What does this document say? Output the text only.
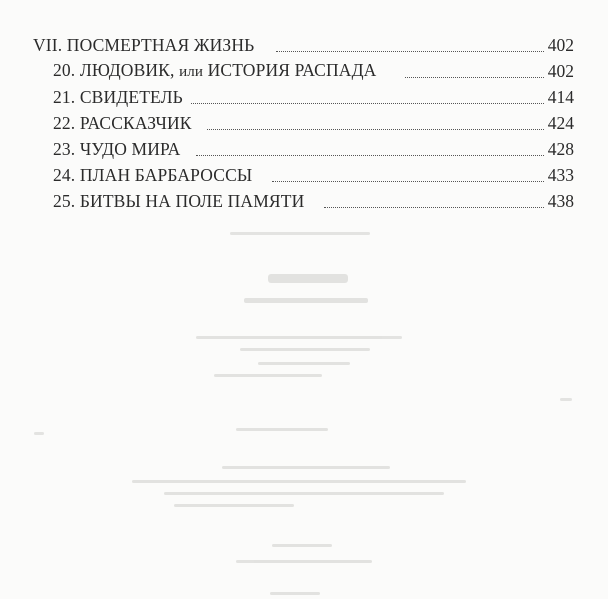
VII. ПОСМЕРТНАЯ ЖИЗНЬ	402
20. ЛЮДОВИК, или ИСТОРИЯ РАСПАДА	402
21. СВИДЕТЕЛЬ	414
22. РАССКАЗЧИК	424
23. ЧУДО МИРА	428
24. ПЛАН БАРБАРОССЫ	433
25. БИТВЫ НА ПОЛЕ ПАМЯТИ	438
